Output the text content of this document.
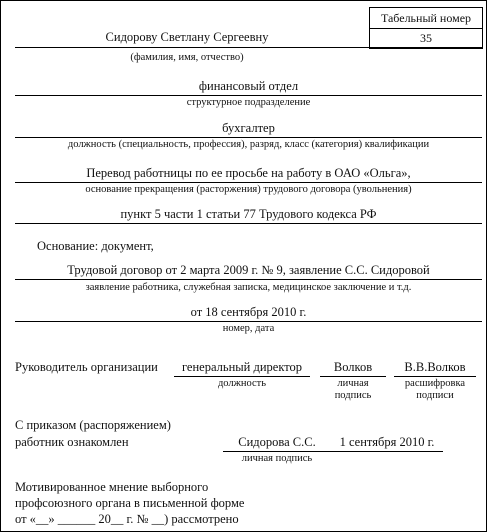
Табельный номер
35
Сидорову Светлану Сергеевну
(фамилия, имя, отчество)
финансовый отдел
структурное подразделение
бухгалтер
должность (специальность, профессия), разряд, класс (категория) квалификации
Перевод работницы по ее просьбе на работу в ОАО «Ольга»,
основание прекращения (расторжения) трудового договора (увольнения)
пункт 5 части 1 статьи 77 Трудового кодекса РФ
Основание: документ,
Трудовой договор от 2 марта 2009 г. № 9, заявление С.С. Сидоровой
заявление работника, служебная записка, медицинское заключение и т.д.
от 18 сентября 2010 г.
номер, дата
Руководитель организации	генеральный директор
должность
Волков
личная
подпись
В.В.Волков
расшифровка
подписи
С приказом (распоряжением)
работник ознакомлен	Сидорова С.С.
личная подпись
1 сентября 2010 г.
Мотивированное мнение выборного
профсоюзного органа в письменной форме
от «__» ______ 20__ г. № __) рассмотрено
